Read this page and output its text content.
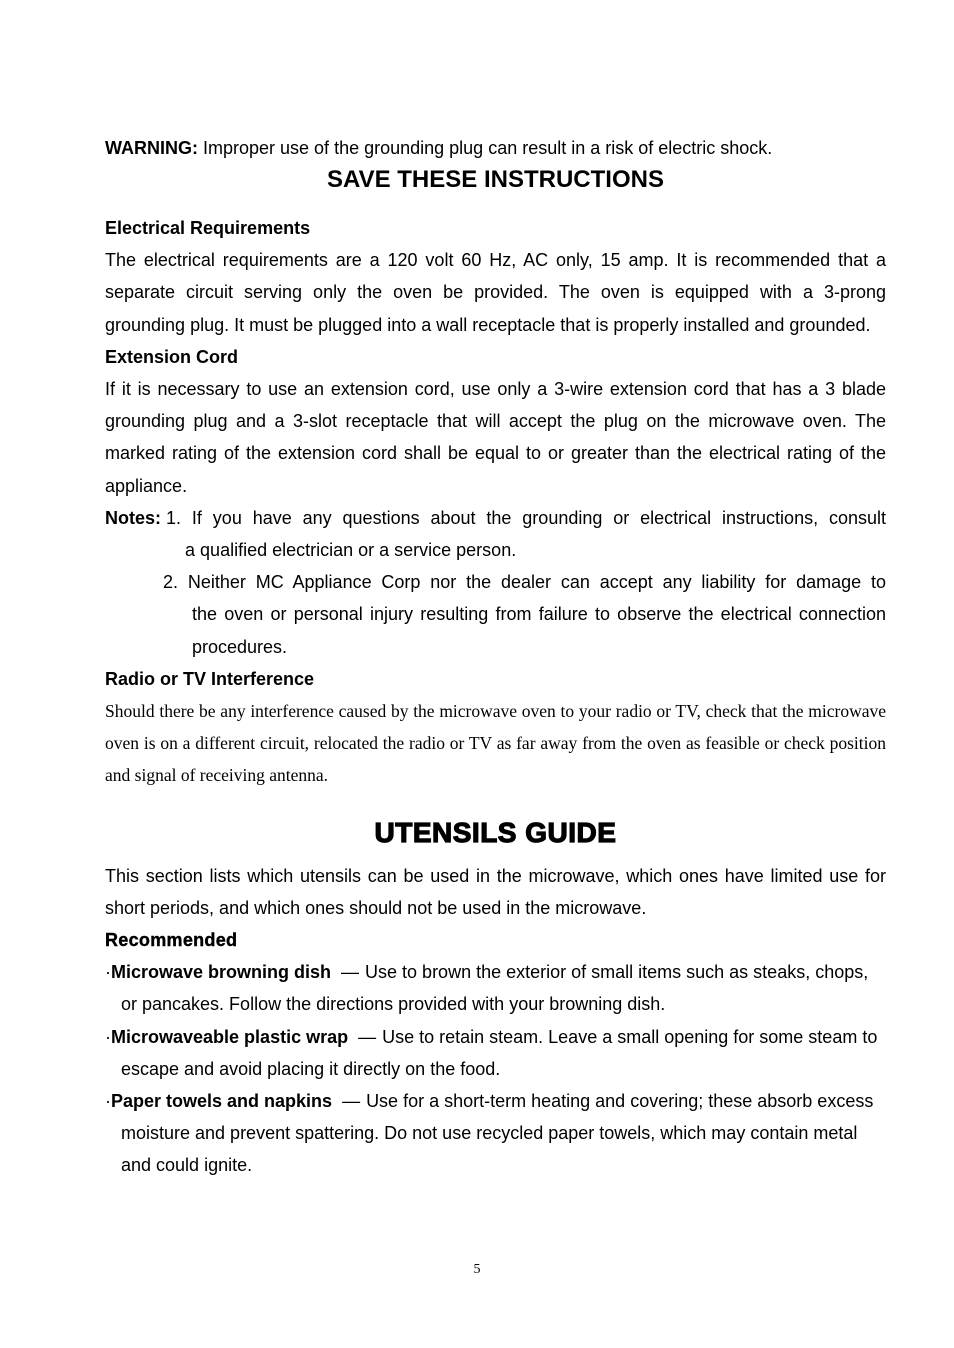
WARNING: Improper use of the grounding plug can result in a risk of electric shock.

SAVE THESE INSTRUCTIONS

Electrical Requirements

The electrical requirements are a 120 volt 60 Hz, AC only, 15 amp. It is recommended that a separate circuit serving only the oven be provided. The oven is equipped with a 3-prong grounding plug. It must be plugged into a wall receptacle that is properly installed and grounded.

Extension Cord

If it is necessary to use an extension cord, use only a 3-wire extension cord that has a 3 blade grounding plug and a 3-slot receptacle that will accept the plug on the microwave oven. The marked rating of the extension cord shall be equal to or greater than the electrical rating of the appliance.

Notes:
1. If you have any questions about the grounding or electrical instructions, consult
a qualified electrician or a service person.
2. Neither MC Appliance Corp nor the dealer can accept any liability for damage to
the oven or personal injury resulting from failure to observe the electrical connection procedures.

Radio or TV Interference

Should there be any interference caused by the microwave oven to your radio or TV, check that the microwave oven is on a different circuit, relocated the radio or TV as far away from the oven as feasible or check position and signal of receiving antenna.

UTENSILS GUIDE

This section lists which utensils can be used in the microwave, which ones have limited use for short periods, and which ones should not be used in the microwave.

Recommended

·Microwave browning dish — Use to brown the exterior of small items such as steaks, chops, or pancakes. Follow the directions provided with your browning dish.

·Microwaveable plastic wrap — Use to retain steam. Leave a small opening for some steam to escape and avoid placing it directly on the food.

·Paper towels and napkins — Use for a short-term heating and covering; these absorb excess moisture and prevent spattering. Do not use recycled paper towels, which may contain metal and could ignite.

5
